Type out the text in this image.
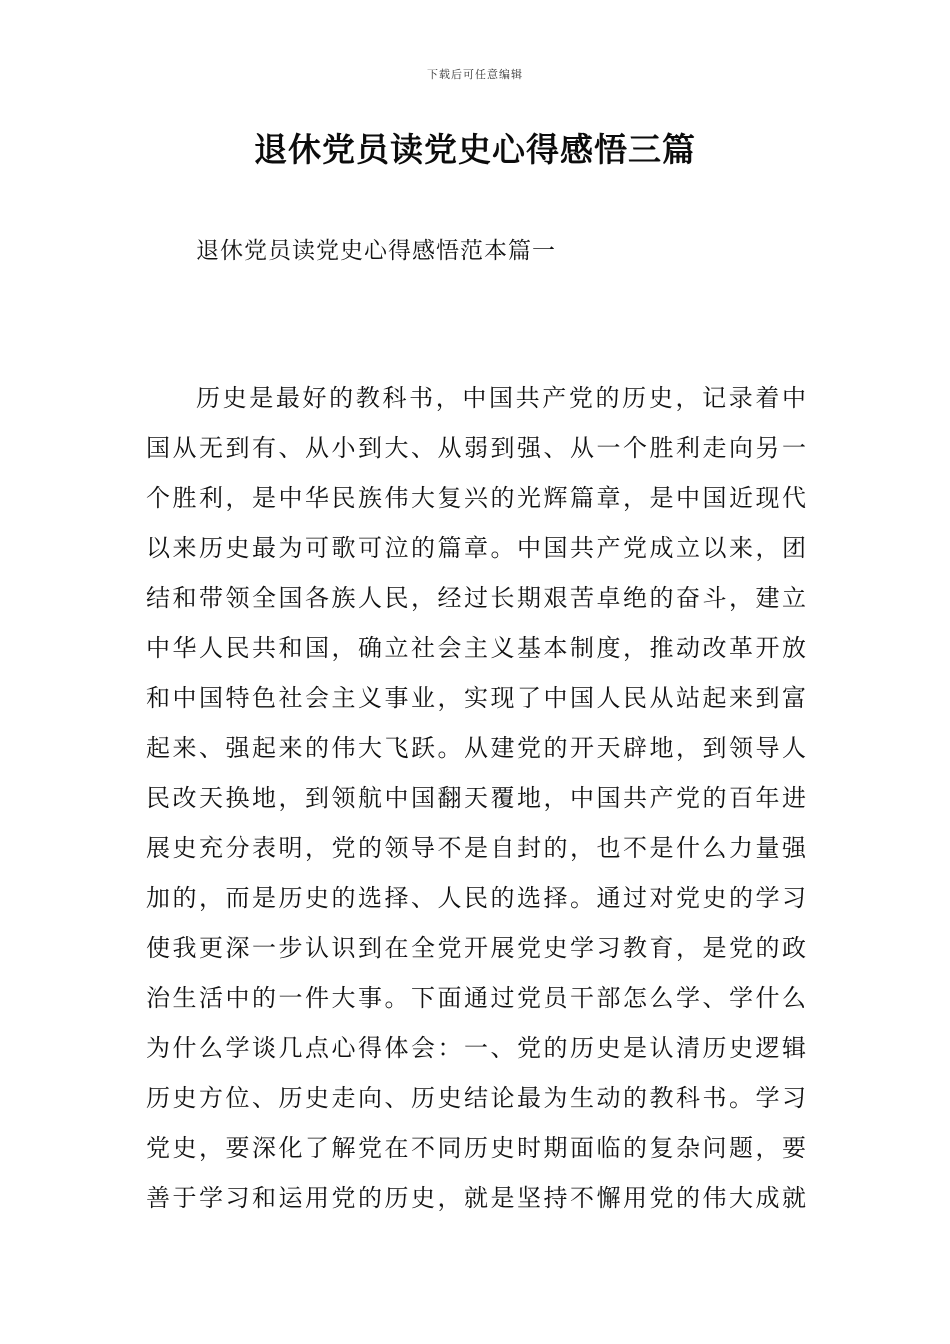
下载后可任意编辑
退休党员读党史心得感悟三篇
退休党员读党史心得感悟范本篇一
历史是最好的教科书，中国共产党的历史，记录着中
国从无到有、从小到大、从弱到强、从一个胜利走向另一
个胜利，是中华民族伟大复兴的光辉篇章，是中国近现代
以来历史最为可歌可泣的篇章。中国共产党成立以来，团
结和带领全国各族人民，经过长期艰苦卓绝的奋斗，建立
中华人民共和国，确立社会主义基本制度，推动改革开放
和中国特色社会主义事业，实现了中国人民从站起来到富
起来、强起来的伟大飞跃。从建党的开天辟地，到领导人
民改天换地，到领航中国翻天覆地，中国共产党的百年进
展史充分表明，党的领导不是自封的，也不是什么力量强
加的，而是历史的选择、人民的选择。通过对党史的学习
使我更深一步认识到在全党开展党史学习教育，是党的政
治生活中的一件大事。下面通过党员干部怎么学、学什么
为什么学谈几点心得体会：一、党的历史是认清历史逻辑
历史方位、历史走向、历史结论最为生动的教科书。学习
党史，要深化了解党在不同历史时期面临的复杂问题，要
善于学习和运用党的历史，就是坚持不懈用党的伟大成就
